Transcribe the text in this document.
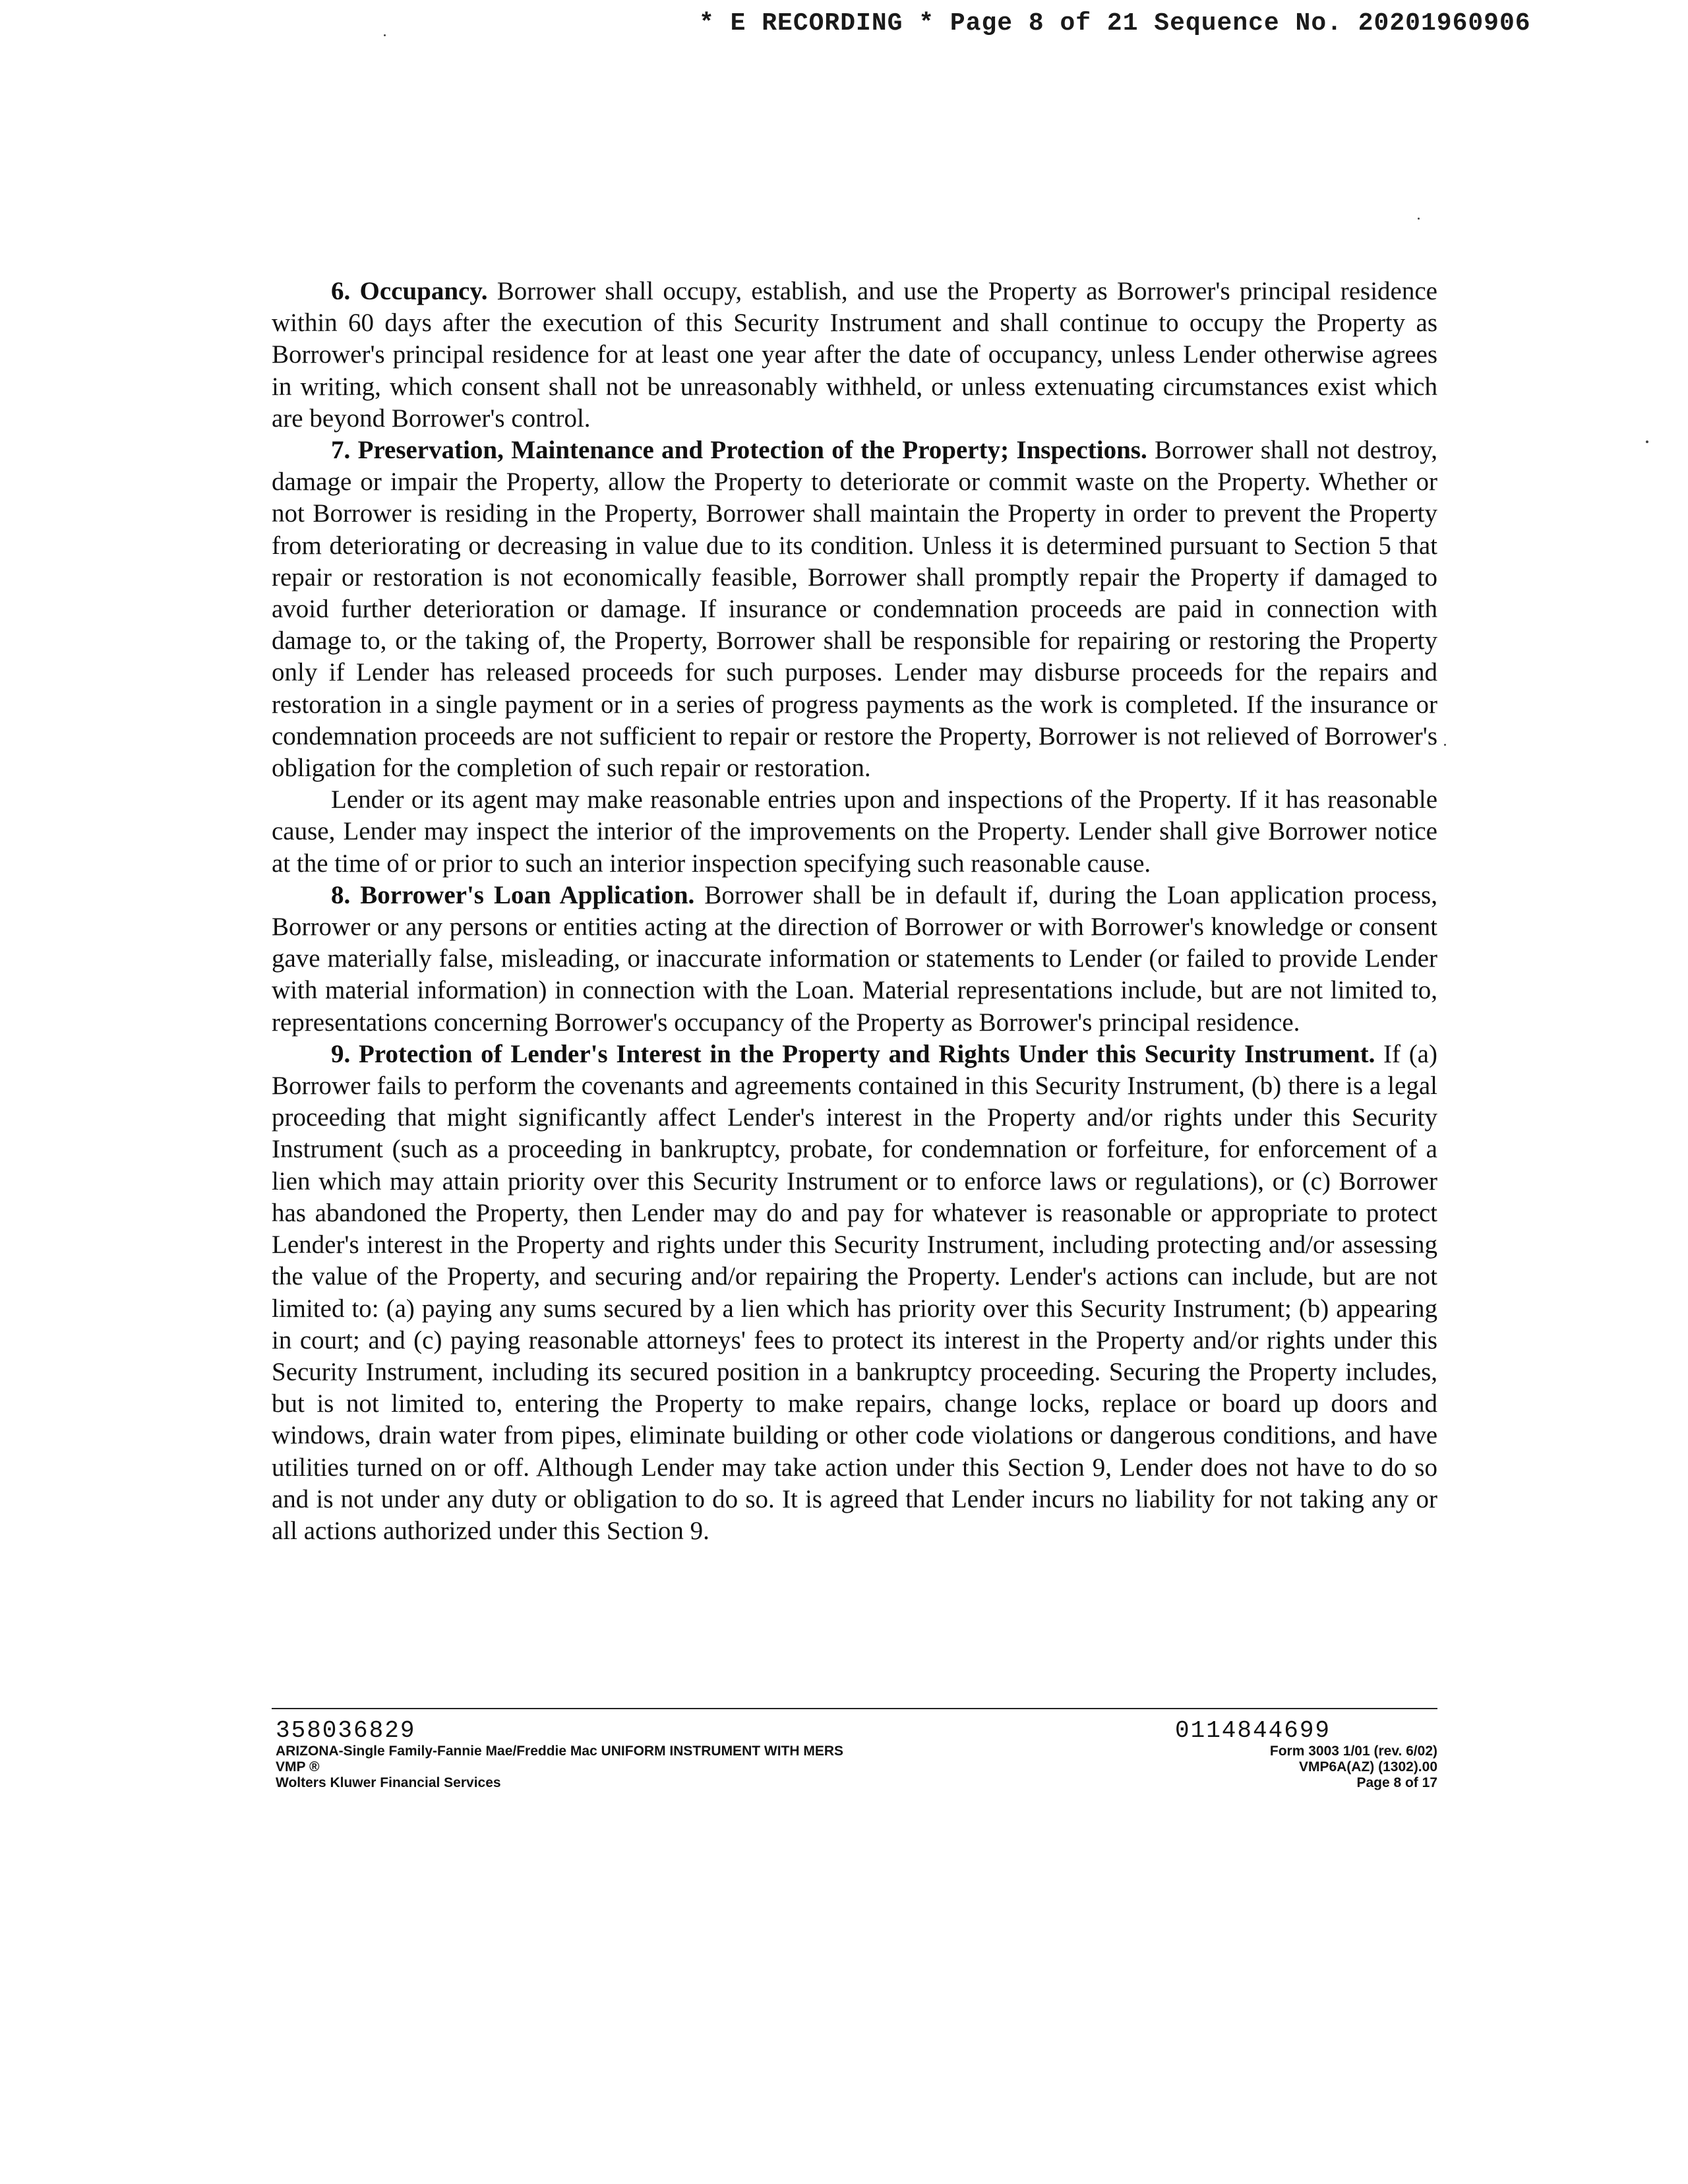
* E RECORDING * Page 8 of 21 Sequence No. 20201960906

6. Occupancy. Borrower shall occupy, establish, and use the Property as Borrower's principal residence within 60 days after the execution of this Security Instrument and shall continue to occupy the Property as Borrower's principal residence for at least one year after the date of occupancy, unless Lender otherwise agrees in writing, which consent shall not be unreasonably withheld, or unless extenuating circumstances exist which are beyond Borrower's control.

7. Preservation, Maintenance and Protection of the Property; Inspections. Borrower shall not destroy, damage or impair the Property, allow the Property to deteriorate or commit waste on the Property. Whether or not Borrower is residing in the Property, Borrower shall maintain the Property in order to prevent the Property from deteriorating or decreasing in value due to its condition. Unless it is determined pursuant to Section 5 that repair or restoration is not economically feasible, Borrower shall promptly repair the Property if damaged to avoid further deterioration or damage. If insurance or condemnation proceeds are paid in connection with damage to, or the taking of, the Property, Borrower shall be responsible for repairing or restoring the Property only if Lender has released proceeds for such purposes. Lender may disburse proceeds for the repairs and restoration in a single payment or in a series of progress payments as the work is completed. If the insurance or condemnation proceeds are not sufficient to repair or restore the Property, Borrower is not relieved of Borrower's obligation for the completion of such repair or restoration.

Lender or its agent may make reasonable entries upon and inspections of the Property. If it has reasonable cause, Lender may inspect the interior of the improvements on the Property. Lender shall give Borrower notice at the time of or prior to such an interior inspection specifying such reasonable cause.

8. Borrower's Loan Application. Borrower shall be in default if, during the Loan application process, Borrower or any persons or entities acting at the direction of Borrower or with Borrower's knowledge or consent gave materially false, misleading, or inaccurate information or statements to Lender (or failed to provide Lender with material information) in connection with the Loan. Material representations include, but are not limited to, representations concerning Borrower's occupancy of the Property as Borrower's principal residence.

9. Protection of Lender's Interest in the Property and Rights Under this Security Instrument. If (a) Borrower fails to perform the covenants and agreements contained in this Security Instrument, (b) there is a legal proceeding that might significantly affect Lender's interest in the Property and/or rights under this Security Instrument (such as a proceeding in bankruptcy, probate, for condemnation or forfeiture, for enforcement of a lien which may attain priority over this Security Instrument or to enforce laws or regulations), or (c) Borrower has abandoned the Property, then Lender may do and pay for whatever is reasonable or appropriate to protect Lender's interest in the Property and rights under this Security Instrument, including protecting and/or assessing the value of the Property, and securing and/or repairing the Property. Lender's actions can include, but are not limited to: (a) paying any sums secured by a lien which has priority over this Security Instrument; (b) appearing in court; and (c) paying reasonable attorneys' fees to protect its interest in the Property and/or rights under this Security Instrument, including its secured position in a bankruptcy proceeding. Securing the Property includes, but is not limited to, entering the Property to make repairs, change locks, replace or board up doors and windows, drain water from pipes, eliminate building or other code violations or dangerous conditions, and have utilities turned on or off. Although Lender may take action under this Section 9, Lender does not have to do so and is not under any duty or obligation to do so. It is agreed that Lender incurs no liability for not taking any or all actions authorized under this Section 9.

358036829
ARIZONA-Single Family-Fannie Mae/Freddie Mac UNIFORM INSTRUMENT WITH MERS
VMP ®
Wolters Kluwer Financial Services
0114844699
Form 3003 1/01 (rev. 6/02)
VMP6A(AZ) (1302).00
Page 8 of 17
